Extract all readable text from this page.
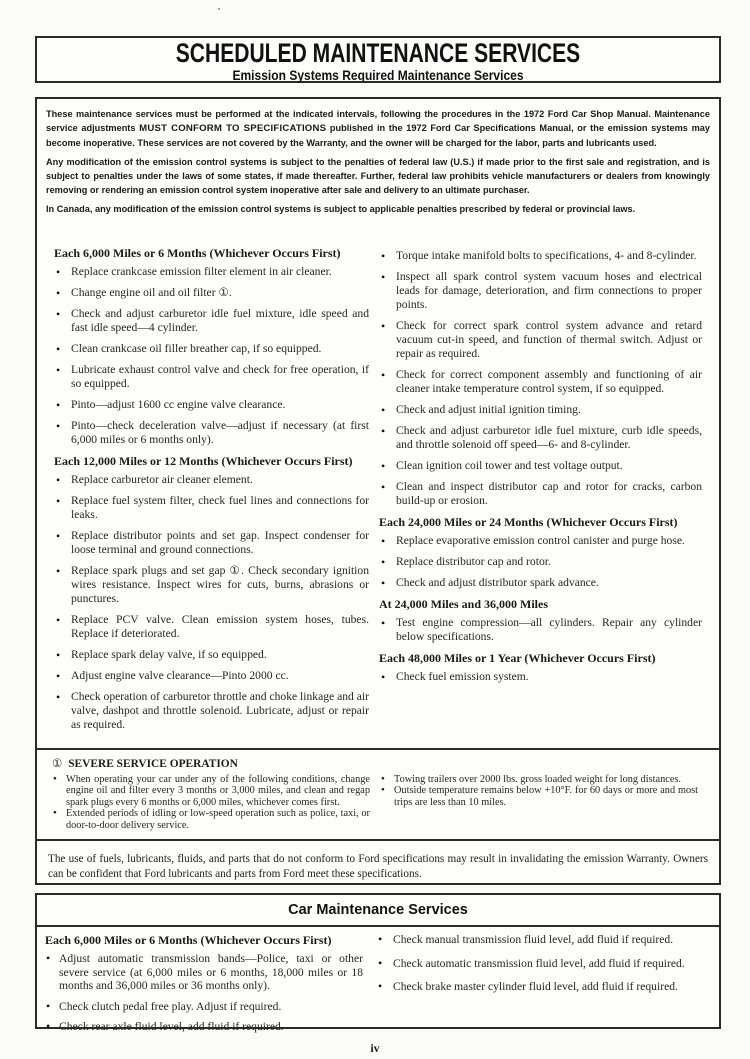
SCHEDULED MAINTENANCE SERVICES
Emission Systems Required Maintenance Services

These maintenance services must be performed at the indicated intervals, following the procedures in the 1972 Ford Car Shop Manual. Maintenance service adjustments MUST CONFORM TO SPECIFICATIONS published in the 1972 Ford Car Specifications Manual, or the emission systems may become inoperative. These services are not covered by the Warranty, and the owner will be charged for the labor, parts and lubricants used.

Any modification of the emission control systems is subject to the penalties of federal law (U.S.) if made prior to the first sale and registration, and is subject to penalties under the laws of some states, if made thereafter. Further, federal law prohibits vehicle manufacturers or dealers from knowingly removing or rendering an emission control system inoperative after sale and delivery to an ultimate purchaser.

In Canada, any modification of the emission control systems is subject to applicable penalties prescribed by federal or provincial laws.

Each 6,000 Miles or 6 Months (Whichever Occurs First)
• Replace crankcase emission filter element in air cleaner.
• Change engine oil and oil filter ①.
• Check and adjust carburetor idle fuel mixture, idle speed and fast idle speed—4 cylinder.
• Clean crankcase oil filler breather cap, if so equipped.
• Lubricate exhaust control valve and check for free operation, if so equipped.
• Pinto—adjust 1600 cc engine valve clearance.
• Pinto—check deceleration valve—adjust if necessary (at first 6,000 miles or 6 months only).
Each 12,000 Miles or 12 Months (Whichever Occurs First)
• Replace carburetor air cleaner element.
• Replace fuel system filter, check fuel lines and connections for leaks.
• Replace distributor points and set gap. Inspect condenser for loose terminal and ground connections.
• Replace spark plugs and set gap ①. Check secondary ignition wires resistance. Inspect wires for cuts, burns, abrasions or punctures.
• Replace PCV valve. Clean emission system hoses, tubes. Replace if deteriorated.
• Replace spark delay valve, if so equipped.
• Adjust engine valve clearance—Pinto 2000 cc.
• Check operation of carburetor throttle and choke linkage and air valve, dashpot and throttle solenoid. Lubricate, adjust or repair as required.
• Torque intake manifold bolts to specifications, 4- and 8-cylinder.
• Inspect all spark control system vacuum hoses and electrical leads for damage, deterioration, and firm connections to proper points.
• Check for correct spark control system advance and retard vacuum cut-in speed, and function of thermal switch. Adjust or repair as required.
• Check for correct component assembly and functioning of air cleaner intake temperature control system, if so equipped.
• Check and adjust initial ignition timing.
• Check and adjust carburetor idle fuel mixture, curb idle speeds, and throttle solenoid off speed—6- and 8-cylinder.
• Clean ignition coil tower and test voltage output.
• Clean and inspect distributor cap and rotor for cracks, carbon build-up or erosion.
Each 24,000 Miles or 24 Months (Whichever Occurs First)
• Replace evaporative emission control canister and purge hose.
• Replace distributor cap and rotor.
• Check and adjust distributor spark advance.
At 24,000 Miles and 36,000 Miles
• Test engine compression—all cylinders. Repair any cylinder below specifications.
Each 48,000 Miles or 1 Year (Whichever Occurs First)
• Check fuel emission system.
① SEVERE SERVICE OPERATION
• When operating your car under any of the following conditions, change engine oil and filter every 3 months or 3,000 miles, and clean and regap spark plugs every 6 months or 6,000 miles, whichever comes first.
• Extended periods of idling or low-speed operation such as police, taxi, or door-to-door delivery service.
• Towing trailers over 2000 lbs. gross loaded weight for long distances.
• Outside temperature remains below +10°F. for 60 days or more and most trips are less than 10 miles.

The use of fuels, lubricants, fluids, and parts that do not conform to Ford specifications may result in invalidating the emission Warranty. Owners can be confident that Ford lubricants and parts from Ford meet these specifications.

Car Maintenance Services
Each 6,000 Miles or 6 Months (Whichever Occurs First)
• Adjust automatic transmission bands—Police, taxi or other severe service (at 6,000 miles or 6 months, 18,000 miles or 18 months and 36,000 miles or 36 months only).
• Check clutch pedal free play. Adjust if required.
• Check rear axle fluid level, add fluid if required.
• Check manual transmission fluid level, add fluid if required.
• Check automatic transmission fluid level, add fluid if required.
• Check brake master cylinder fluid level, add fluid if required.
iv
